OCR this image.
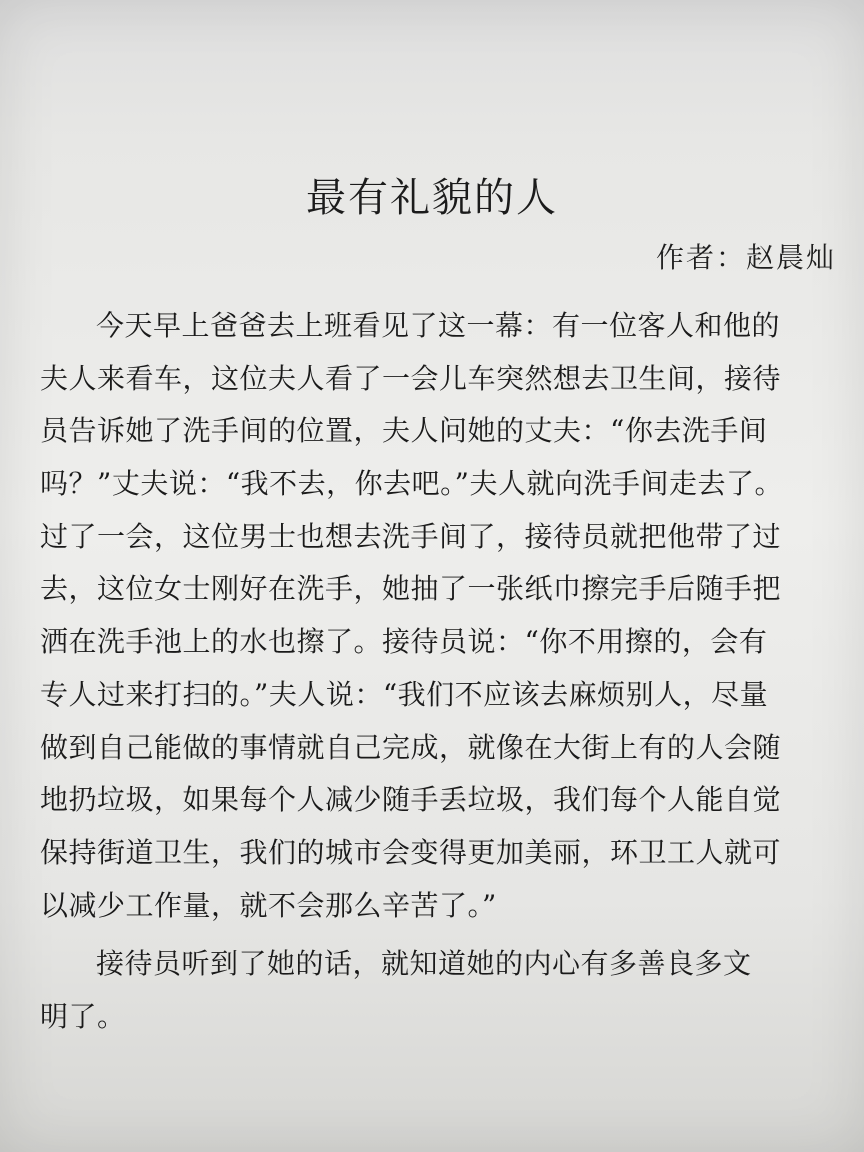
最有礼貌的人
作者：赵晨灿
今天早上爸爸去上班看见了这一幕：有一位客人和他的
夫人来看车，这位夫人看了一会儿车突然想去卫生间，接待
员告诉她了洗手间的位置，夫人问她的丈夫：“你去洗手间
吗？”丈夫说：“我不去，你去吧。”夫人就向洗手间走去了。
过了一会，这位男士也想去洗手间了，接待员就把他带了过
去，这位女士刚好在洗手，她抽了一张纸巾擦完手后随手把
洒在洗手池上的水也擦了。接待员说：“你不用擦的，会有
专人过来打扫的。”夫人说：“我们不应该去麻烦别人，尽量
做到自己能做的事情就自己完成，就像在大街上有的人会随
地扔垃圾，如果每个人减少随手丢垃圾，我们每个人能自觉
保持街道卫生，我们的城市会变得更加美丽，环卫工人就可
以减少工作量，就不会那么辛苦了。”
接待员听到了她的话，就知道她的内心有多善良多文
明了。
